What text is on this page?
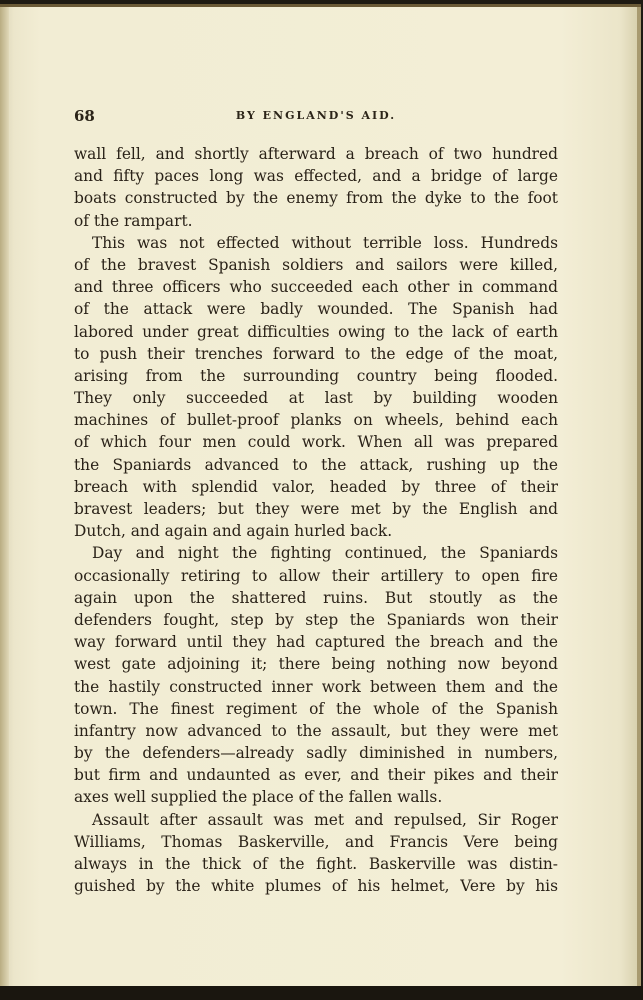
68	BY ENGLAND'S AID.
wall fell, and shortly afterward a breach of two hundred
and fifty paces long was effected, and a bridge of large
boats constructed by the enemy from the dyke to the foot
of the rampart.
This was not effected without terrible loss. Hundreds
of the bravest Spanish soldiers and sailors were killed,
and three officers who succeeded each other in command
of the attack were badly wounded. The Spanish had
labored under great difficulties owing to the lack of earth
to push their trenches forward to the edge of the moat,
arising from the surrounding country being flooded.
They only succeeded at last by building wooden
machines of bullet-proof planks on wheels, behind each
of which four men could work. When all was prepared
the Spaniards advanced to the attack, rushing up the
breach with splendid valor, headed by three of their
bravest leaders; but they were met by the English and
Dutch, and again and again hurled back.
Day and night the fighting continued, the Spaniards
occasionally retiring to allow their artillery to open fire
again upon the shattered ruins. But stoutly as the
defenders fought, step by step the Spaniards won their
way forward until they had captured the breach and the
west gate adjoining it; there being nothing now beyond
the hastily constructed inner work between them and the
town. The finest regiment of the whole of the Spanish
infantry now advanced to the assault, but they were met
by the defenders—already sadly diminished in numbers,
but firm and undaunted as ever, and their pikes and their
axes well supplied the place of the fallen walls.
Assault after assault was met and repulsed, Sir Roger
Williams, Thomas Baskerville, and Francis Vere being
always in the thick of the fight. Baskerville was distin-
guished by the white plumes of his helmet, Vere by his
